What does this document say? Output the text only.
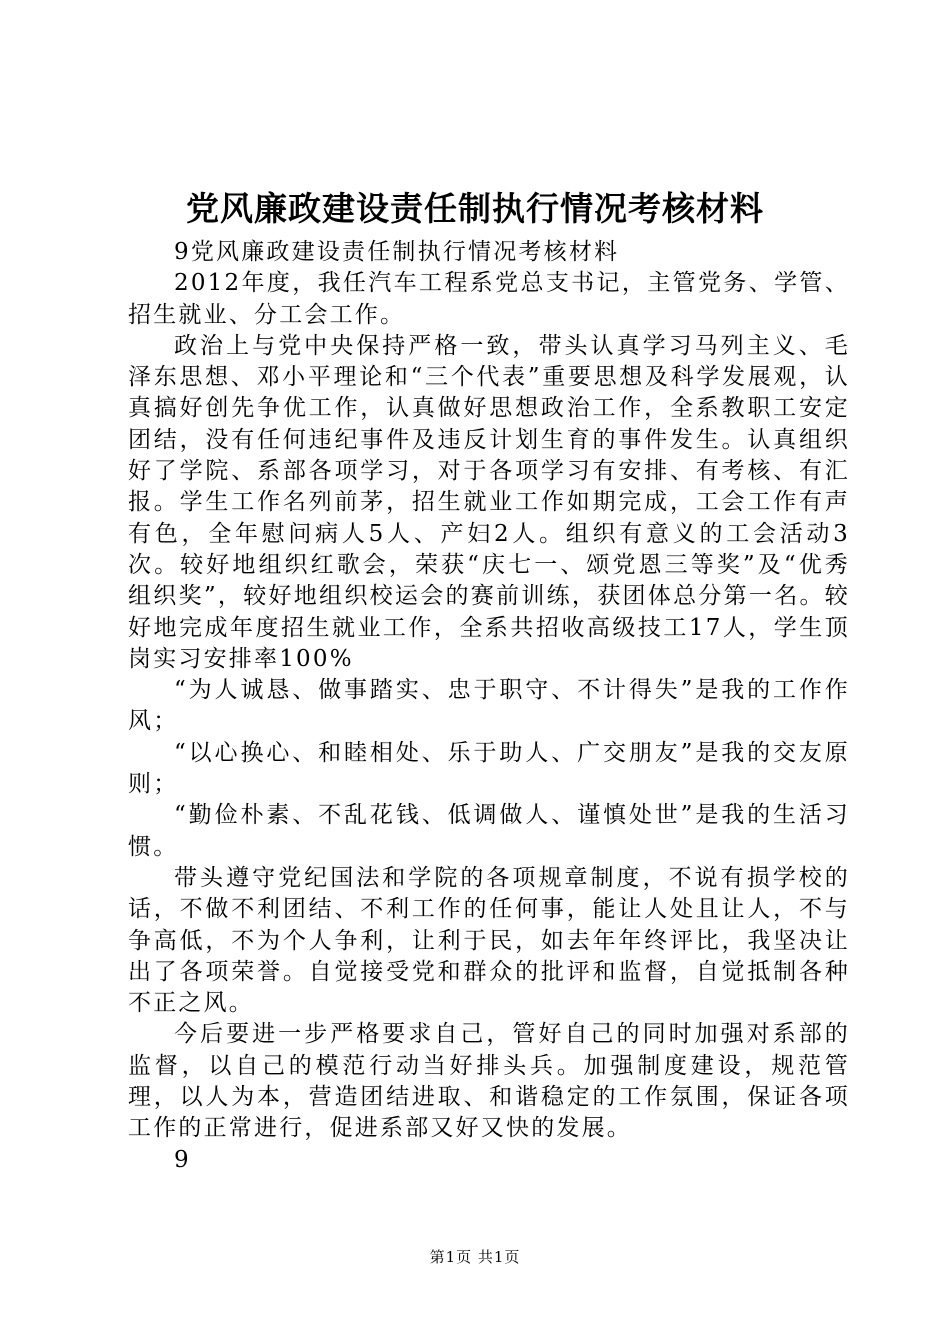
党风廉政建设责任制执行情况考核材料

9党风廉政建设责任制执行情况考核材料

2012年度，我任汽车工程系党总支书记，主管党务、学管、招生就业、分工会工作。

政治上与党中央保持严格一致，带头认真学习马列主义、毛泽东思想、邓小平理论和“三个代表”重要思想及科学发展观，认真搞好创先争优工作，认真做好思想政治工作，全系教职工安定团结，没有任何违纪事件及违反计划生育的事件发生。认真组织好了学院、系部各项学习，对于各项学习有安排、有考核、有汇报。学生工作名列前茅，招生就业工作如期完成，工会工作有声有色，全年慰问病人5人、产妇2人。组织有意义的工会活动3次。较好地组织红歌会，荣获“庆七一、颂党恩三等奖”及“优秀组织奖”，较好地组织校运会的赛前训练，获团体总分第一名。较好地完成年度招生就业工作，全系共招收高级技工17人，学生顶岗实习安排率100%

“为人诚恳、做事踏实、忠于职守、不计得失”是我的工作作风；

“以心换心、和睦相处、乐于助人、广交朋友”是我的交友原则；

“勤俭朴素、不乱花钱、低调做人、谨慎处世”是我的生活习惯。

带头遵守党纪国法和学院的各项规章制度，不说有损学校的话，不做不利团结、不利工作的任何事，能让人处且让人，不与争高低，不为个人争利，让利于民，如去年年终评比，我坚决让出了各项荣誉。自觉接受党和群众的批评和监督，自觉抵制各种不正之风。

今后要进一步严格要求自己，管好自己的同时加强对系部的监督，以自己的模范行动当好排头兵。加强制度建设，规范管理，以人为本，营造团结进取、和谐稳定的工作氛围，保证各项工作的正常进行，促进系部又好又快的发展。

9

第1页 共1页
